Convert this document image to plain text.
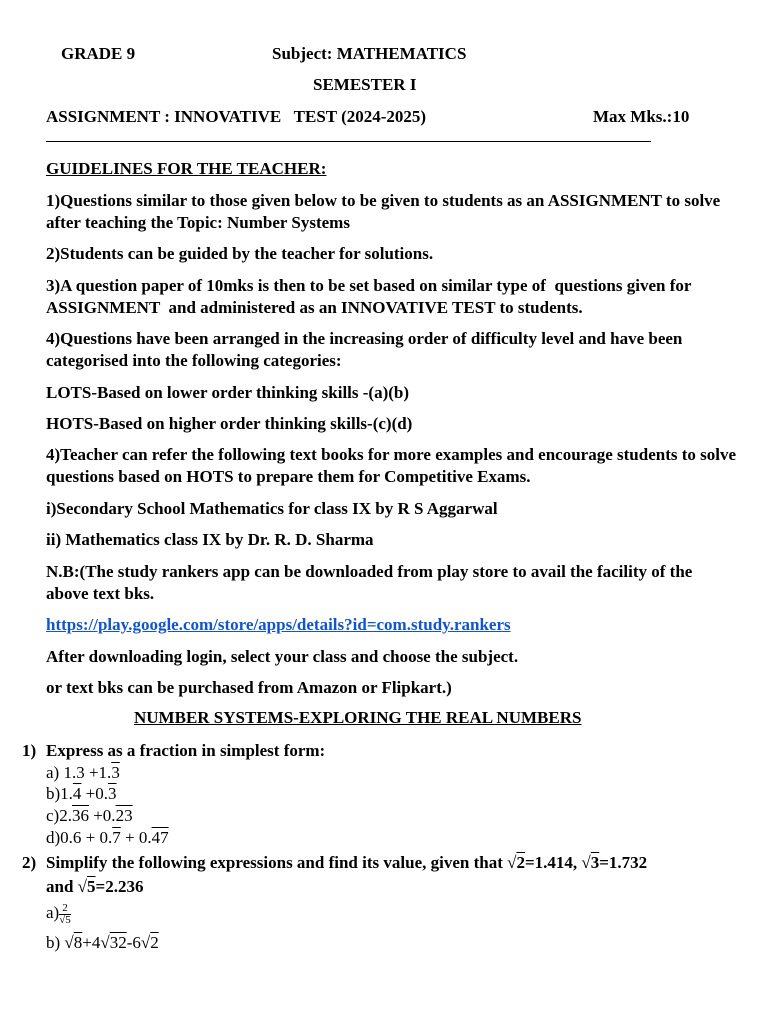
GRADE 9	Subject: MATHEMATICS
SEMESTER I
ASSIGNMENT : INNOVATIVE   TEST (2024-2025)	Max Mks.:10
GUIDELINES FOR THE TEACHER:
1)Questions similar to those given below to be given to students as an ASSIGNMENT to solve after teaching the Topic: Number Systems
2)Students can be guided by the teacher for solutions.
3)A question paper of 10mks is then to be set based on similar type of  questions given for ASSIGNMENT  and administered as an INNOVATIVE TEST to students.
4)Questions have been arranged in the increasing order of difficulty level and have been categorised into the following categories:
LOTS-Based on lower order thinking skills -(a)(b)
HOTS-Based on higher order thinking skills-(c)(d)
4)Teacher can refer the following text books for more examples and encourage students to solve questions based on HOTS to prepare them for Competitive Exams.
i)Secondary School Mathematics for class IX by R S Aggarwal
ii) Mathematics class IX by Dr. R. D. Sharma
N.B:(The study rankers app can be downloaded from play store to avail the facility of the above text bks.
https://play.google.com/store/apps/details?id=com.study.rankers
After downloading login, select your class and choose the subject.
or text bks can be purchased from Amazon or Flipkart.)
NUMBER SYSTEMS-EXPLORING THE REAL NUMBERS
1) Express as a fraction in simplest form:
a) 1.3 +1.3
b)1.4 +0.3
c)2.36 +0.23
d)0.6 + 0.7 + 0.47
2) Simplify the following expressions and find its value, given that √2=1.414, √3=1.732
and √5=2.236
$a) \frac{2}{√5}$
b) √8+4√32-6√2
